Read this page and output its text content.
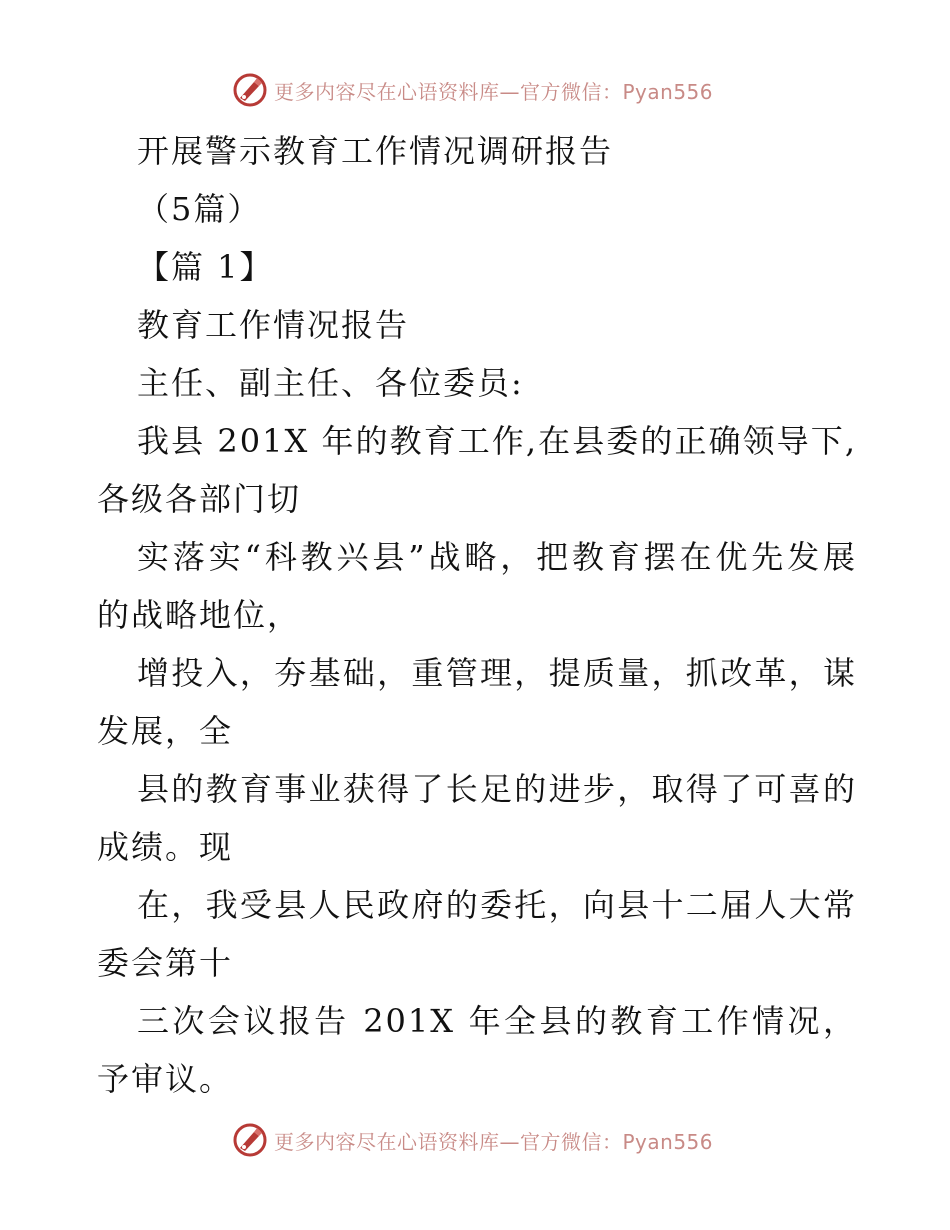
更多内容尽在心语资料库—官方微信：Pyan556
开展警示教育工作情况调研报告
（5篇）
【篇 1】
教育工作情况报告
主任、副主任、各位委员:
我县 201X 年的教育工作,在县委的正确领导下,
各级各部门切
实落实“科教兴县”战略，把教育摆在优先发展
的战略地位，
增投入，夯基础，重管理，提质量，抓改革，谋
发展，全
县的教育事业获得了长足的进步，取得了可喜的
成绩。现
在，我受县人民政府的委托，向县十二届人大常
委会第十
三次会议报告 201X 年全县的教育工作情况，
予审议。
更多内容尽在心语资料库—官方微信：Pyan556
